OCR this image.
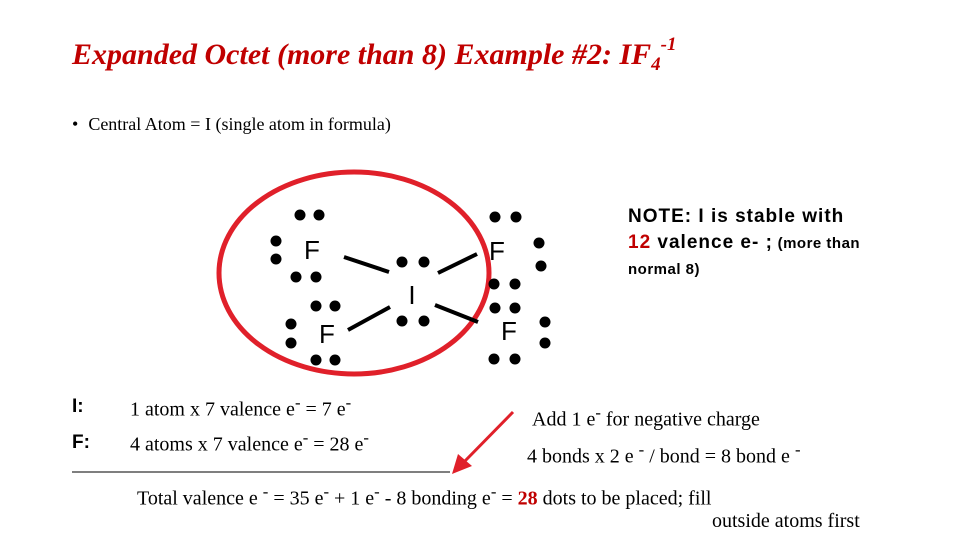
Expanded Octet (more than 8) Example #2: $IF_4^{-1}$
• Central Atom = I (single atom in formula)
F
F
F
F
I
NOTE: I is stable with
12 valence e- ; (more than
normal 8)
I: 1 atom x 7 valence e- = 7 e-
F: 4 atoms x 7 valence e- = 28 e-
Add 1 e- for negative charge
4 bonds x 2 e - / bond = 8 bond e -
Total valence e - = 35 e- + 1 e- - 8 bonding e- = 28 dots to be placed; fill
outside atoms first
